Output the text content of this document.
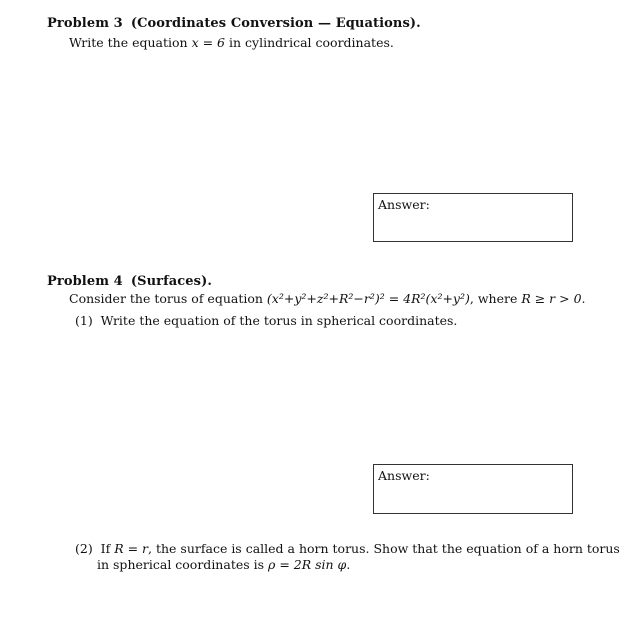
Problem 3 (Coordinates Conversion — Equations).
Write the equation x = 6 in cylindrical coordinates.
Answer:
Problem 4 (Surfaces).
Consider the torus of equation (x²+y²+z²+R²−r²)² = 4R²(x²+y²), where R ≥ r > 0.
(1) Write the equation of the torus in spherical coordinates.
Answer:
(2) If R = r, the surface is called a horn torus. Show that the equation of a horn torus
in spherical coordinates is ρ = 2R sin φ.
